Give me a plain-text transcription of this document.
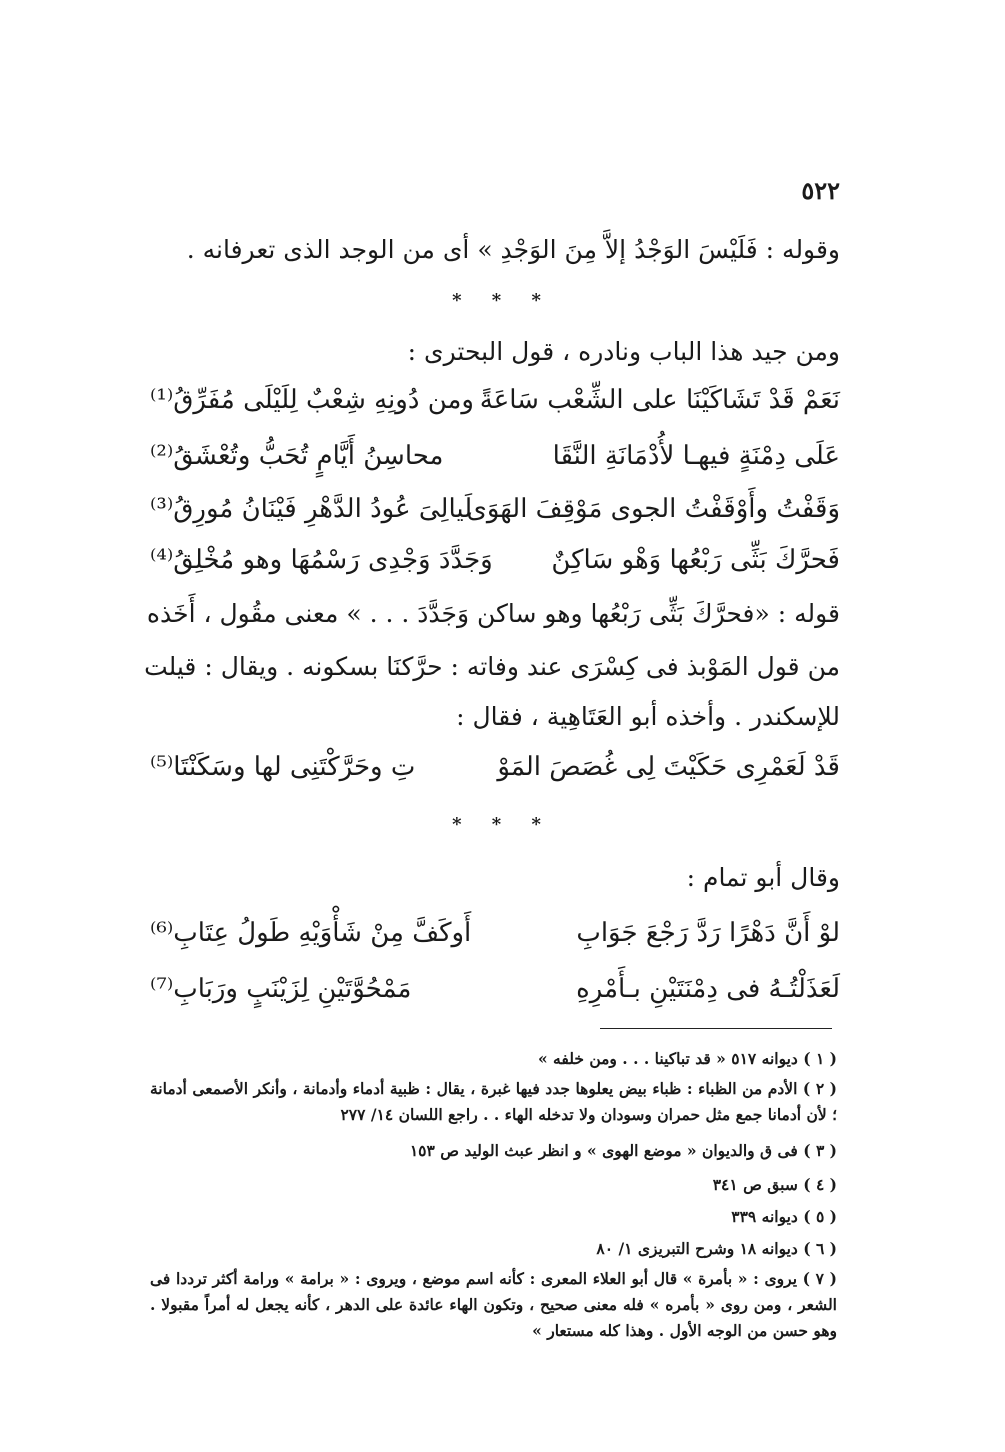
٥٢٢
وقوله : فَلَيْسَ الوَجْدُ إلاَّ مِنَ الوَجْدِ » أى من الوجد الذى تعرفانه .
* * *
ومن جيد هذا الباب ونادره ، قول البحترى :
نَعَمْ قَدْ تَشَاكَيْنَا على الشِّعْب سَاعَةً
ومن دُونِهِ شِعْبٌ لِلَيْلَى مُفَرِّقُ⁽¹⁾
عَلَى دِمْنَةٍ فيهـا لأُدْمَانَةِ النَّقَا
محاسِنُ أَيَّامٍ تُحَبُّ وتُعْشَقُ⁽²⁾
وَقَفْتُ وأَوْقَفْتُ الجوى مَوْقِفَ الهَوَى
لَيالِىَ عُودُ الدَّهْرِ فَيْنَانُ مُورِقُ⁽³⁾
فَحرَّكَ بَثِّى رَبْعُها وَهْو سَاكِنٌ
وَجَدَّدَ وَجْدِى رَسْمُهَا وهو مُخْلِقُ⁽⁴⁾
قوله : «فحرَّكَ بَثِّى رَبْعُها وهو ساكن وَجَدَّدَ . . . » معنى مقُول ، أَخَذه
من قول المَوْبذ فى كِسْرَى عند وفاته : حرَّكنَا بسكونه . ويقال : قيلت
للإسكندر . وأخذه أبو العَتَاهِية ، فقال :
قَدْ لَعَمْرِى حَكَيْتَ لِى غُصَصَ المَوْ
تِ وحَرَّكْتَنِى لها وسَكَنْتَا⁽⁵⁾
* * *
وقال أبو تمام :
لوْ أَنَّ دَهْرًا رَدَّ رَجْعَ جَوَابِ
أَوكَفَّ مِنْ شَأْوَيْهِ طَولُ عِتَابِ⁽⁶⁾
لَعَذَلْتُـهُ فى دِمْنَتَيْنِ بـأَمْرِهِ
مَمْحُوَّتَيْنِ لِزَيْنَبٍ ورَبَابِ⁽⁷⁾
( ١ ) ديوانه ٥١٧ « قد تباكينا . . . ومن خلفه »
( ٢ ) الأدم من الظباء : ظباء بيض يعلوها جدد فيها غبرة ، يقال : ظبية أدماء وأدمانة ، وأنكر الأصمعى أدمانة ؛ لأن أدمانا جمع مثل حمران وسودان ولا تدخله الهاء . . راجع اللسان ١٤/ ٢٧٧
( ٣ ) فى ق والديوان « موضع الهوى » و انظر عبث الوليد ص ١٥٣
( ٤ ) سبق ص ٣٤١
( ٥ ) ديوانه ٣٣٩
( ٦ ) ديوانه ١٨ وشرح التبريزى ١/ ٨٠
( ٧ ) يروى : « بأمرة » قال أبو العلاء المعرى : كأنه اسم موضع ، ويروى : « برامة » ورامة أكثر ترددا فى الشعر ، ومن روى « بأمره » فله معنى صحيح ، وتكون الهاء عائدة على الدهر ، كأنه يجعل له أمراً مقبولا . وهو حسن من الوجه الأول . وهذا كله مستعار »
